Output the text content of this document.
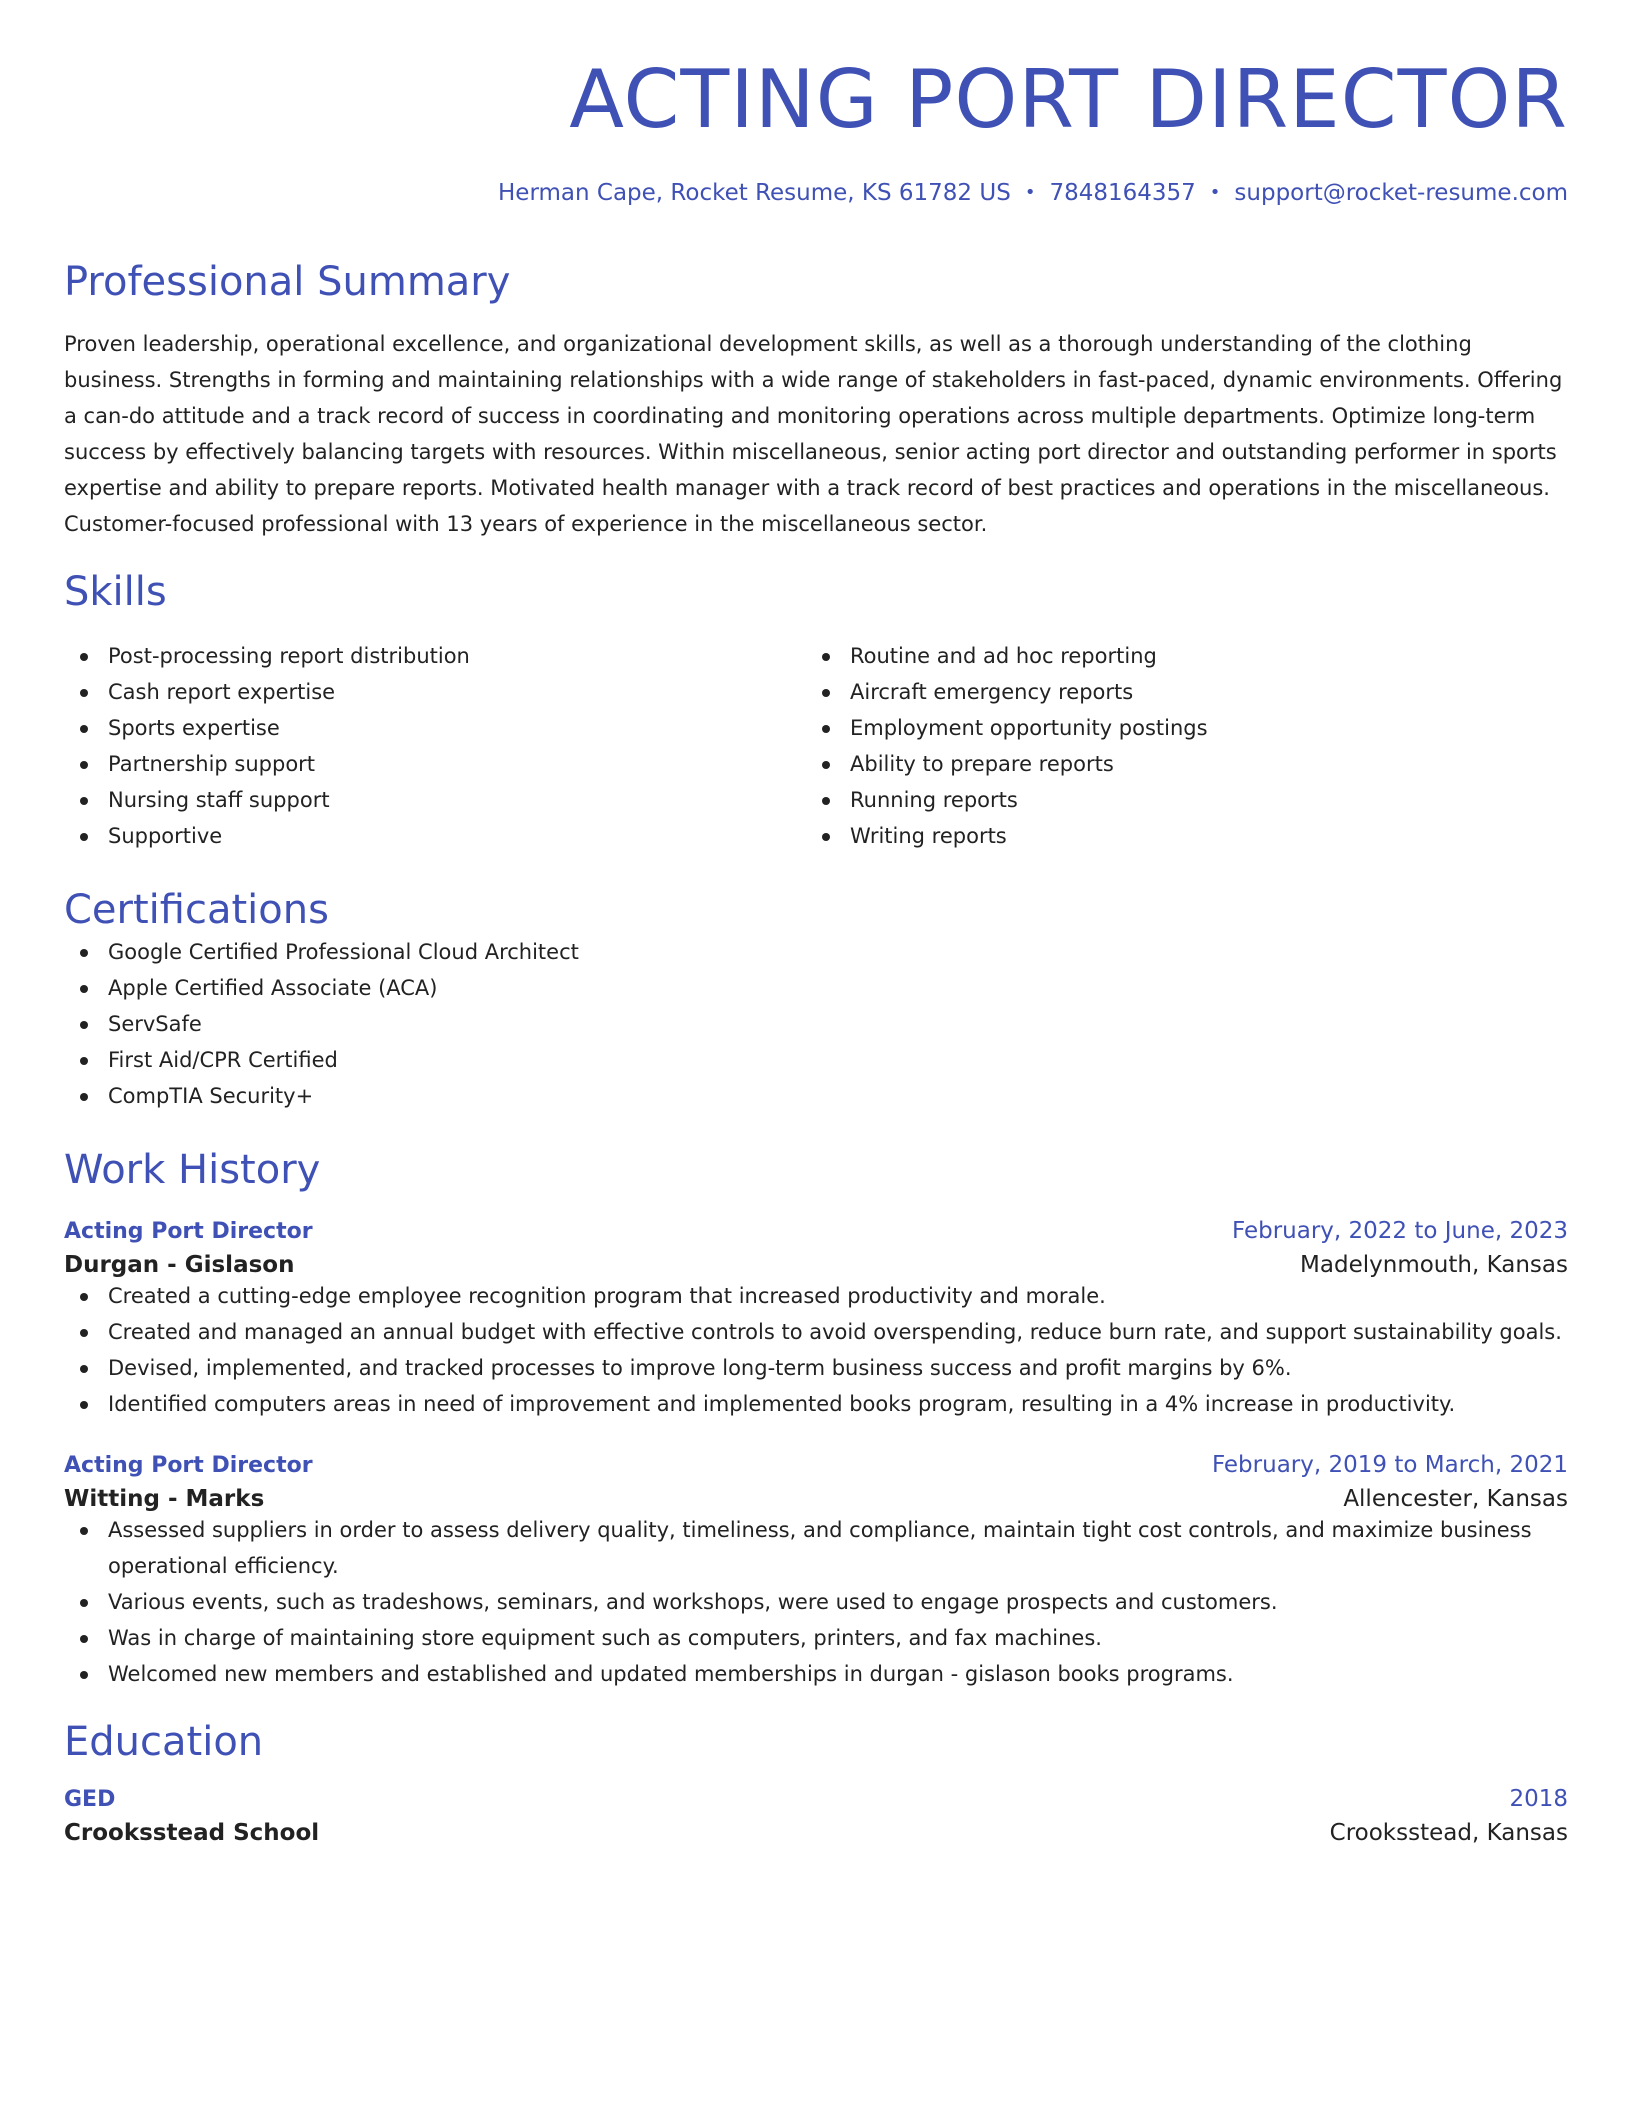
ACTING PORT DIRECTOR
Herman Cape, Rocket Resume, KS 61782 US • 7848164357 • support@rocket-resume.com
Professional Summary
Proven leadership, operational excellence, and organizational development skills, as well as a thorough understanding of the clothing business. Strengths in forming and maintaining relationships with a wide range of stakeholders in fast-paced, dynamic environments. Offering a can-do attitude and a track record of success in coordinating and monitoring operations across multiple departments. Optimize long-term success by effectively balancing targets with resources. Within miscellaneous, senior acting port director and outstanding performer in sports expertise and ability to prepare reports. Motivated health manager with a track record of best practices and operations in the miscellaneous. Customer-focused professional with 13 years of experience in the miscellaneous sector.
Skills
Post-processing report distribution
Cash report expertise
Sports expertise
Partnership support
Nursing staff support
Supportive
Routine and ad hoc reporting
Aircraft emergency reports
Employment opportunity postings
Ability to prepare reports
Running reports
Writing reports
Certifications
Google Certified Professional Cloud Architect
Apple Certified Associate (ACA)
ServSafe
First Aid/CPR Certified
CompTIA Security+
Work History
Acting Port Director	February, 2022 to June, 2023
Durgan - Gislason	Madelynmouth, Kansas
Created a cutting-edge employee recognition program that increased productivity and morale.
Created and managed an annual budget with effective controls to avoid overspending, reduce burn rate, and support sustainability goals.
Devised, implemented, and tracked processes to improve long-term business success and profit margins by 6%.
Identified computers areas in need of improvement and implemented books program, resulting in a 4% increase in productivity.
Acting Port Director	February, 2019 to March, 2021
Witting - Marks	Allencester, Kansas
Assessed suppliers in order to assess delivery quality, timeliness, and compliance, maintain tight cost controls, and maximize business operational efficiency.
Various events, such as tradeshows, seminars, and workshops, were used to engage prospects and customers.
Was in charge of maintaining store equipment such as computers, printers, and fax machines.
Welcomed new members and established and updated memberships in durgan - gislason books programs.
Education
GED	2018
Crooksstead School	Crooksstead, Kansas
